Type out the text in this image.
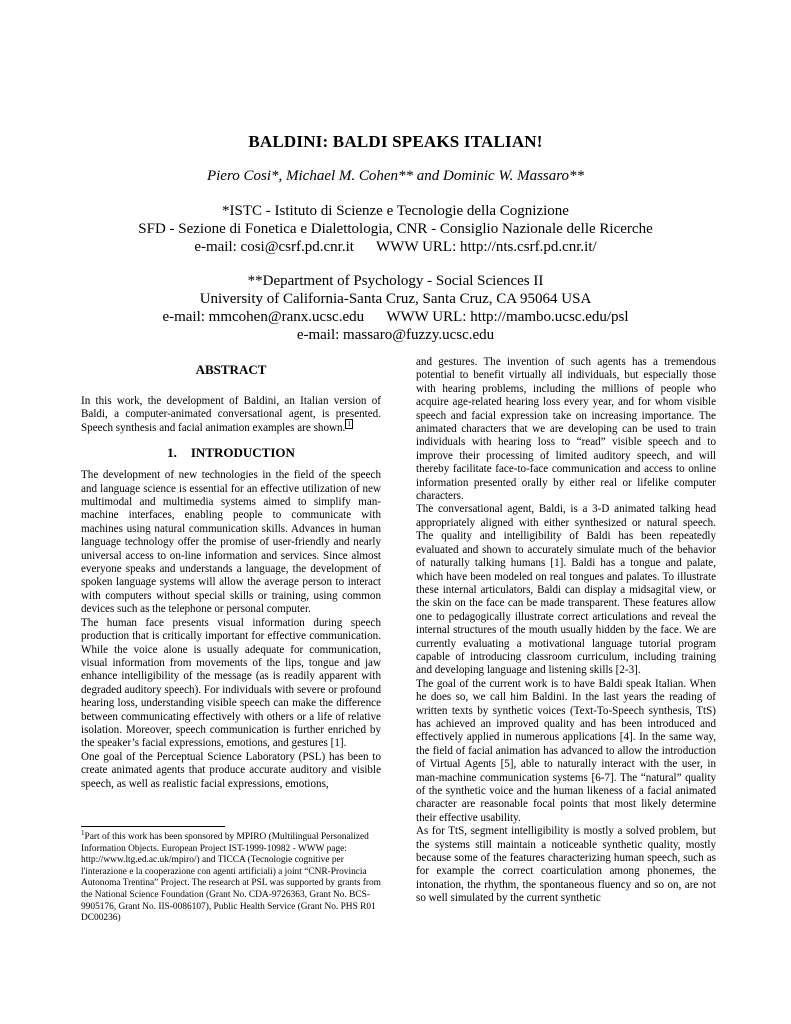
BALDINI: BALDI SPEAKS ITALIAN!
Piero Cosi*, Michael M. Cohen** and Dominic W. Massaro**
*ISTC - Istituto di Scienze e Tecnologie della Cognizione
SFD - Sezione di Fonetica e Dialettologia, CNR - Consiglio Nazionale delle Ricerche
e-mail: cosi@csrf.pd.cnr.it      WWW URL: http://nts.csrf.pd.cnr.it/
**Department of Psychology - Social Sciences II
University of California-Santa Cruz, Santa Cruz, CA 95064 USA
e-mail: mmcohen@ranx.ucsc.edu      WWW URL: http://mambo.ucsc.edu/psl
e-mail: massaro@fuzzy.ucsc.edu
ABSTRACT

In this work, the development of Baldini, an Italian version of Baldi, a computer-animated conversational agent, is presented. Speech synthesis and facial animation examples are shown. $^1$

1. INTRODUCTION

The development of new technologies in the field of the speech and language science is essential for an effective utilization of new multimodal and multimedia systems aimed to simplify man-machine interfaces, enabling people to communicate with machines using natural communication skills. Advances in human language technology offer the promise of user-friendly and nearly universal access to on-line information and services. Since almost everyone speaks and understands a language, the development of spoken language systems will allow the average person to interact with computers without special skills or training, using common devices such as the telephone or personal computer.

The human face presents visual information during speech production that is critically important for effective communication. While the voice alone is usually adequate for communication, visual information from movements of the lips, tongue and jaw enhance intelligibility of the message (as is readily apparent with degraded auditory speech). For individuals with severe or profound hearing loss, understanding visible speech can make the difference between communicating effectively with others or a life of relative isolation. Moreover, speech communication is further enriched by the speaker’s facial expressions, emotions, and gestures [1].

One goal of the Perceptual Science Laboratory (PSL) has been to create animated agents that produce accurate auditory and visible speech, as well as realistic facial expressions, emotions,

and gestures. The invention of such agents has a tremendous potential to benefit virtually all individuals, but especially those with hearing problems, including the millions of people who acquire age-related hearing loss every year, and for whom visible speech and facial expression take on increasing importance. The animated characters that we are developing can be used to train individuals with hearing loss to “read” visible speech and to improve their processing of limited auditory speech, and will thereby facilitate face-to-face communication and access to online information presented orally by either real or lifelike computer characters.

The conversational agent, Baldi, is a 3-D animated talking head appropriately aligned with either synthesized or natural speech. The quality and intelligibility of Baldi has been repeatedly evaluated and shown to accurately simulate much of the behavior of naturally talking humans [1]. Baldi has a tongue and palate, which have been modeled on real tongues and palates. To illustrate these internal articulators, Baldi can display a midsagital view, or the skin on the face can be made transparent. These features allow one to pedagogically illustrate correct articulations and reveal the internal structures of the mouth usually hidden by the face. We are currently evaluating a motivational language tutorial program capable of introducing classroom curriculum, including training and developing language and listening skills [2-3].

The goal of the current work is to have Baldi speak Italian. When he does so, we call him Baldini. In the last years the reading of written texts by synthetic voices (Text-To-Speech synthesis, TtS) has achieved an improved quality and has been introduced and effectively applied in numerous applications [4]. In the same way, the field of facial animation has advanced to allow the introduction of Virtual Agents [5], able to naturally interact with the user, in man-machine communication systems [6-7]. The “natural” quality of the synthetic voice and the human likeness of a facial animated character are reasonable focal points that most likely determine their effective usability.

As for TtS, segment intelligibility is mostly a solved problem, but the systems still maintain a noticeable synthetic quality, mostly because some of the features characterizing human speech, such as for example the correct coarticulation among phonemes, the intonation, the rhythm, the spontaneous fluency and so on, are not so well simulated by the current synthetic

$^1$Part of this work has been sponsored by MPIRO (Multilingual Personalized Information Objects. European Project IST-1999-10982 - WWW page: http://www.ltg.ed.ac.uk/mpiro/) and TICCA (Tecnologie cognitive per l'interazione e la cooperazione con agenti artificiali) a joint “CNR-Provincia Autonoma Trentina” Project. The research at PSL was supported by grants from the National Science Foundation (Grant No. CDA-9726363, Grant No. BCS-9905176, Grant No. IIS-0086107), Public Health Service (Grant No. PHS R01 DC00236)
